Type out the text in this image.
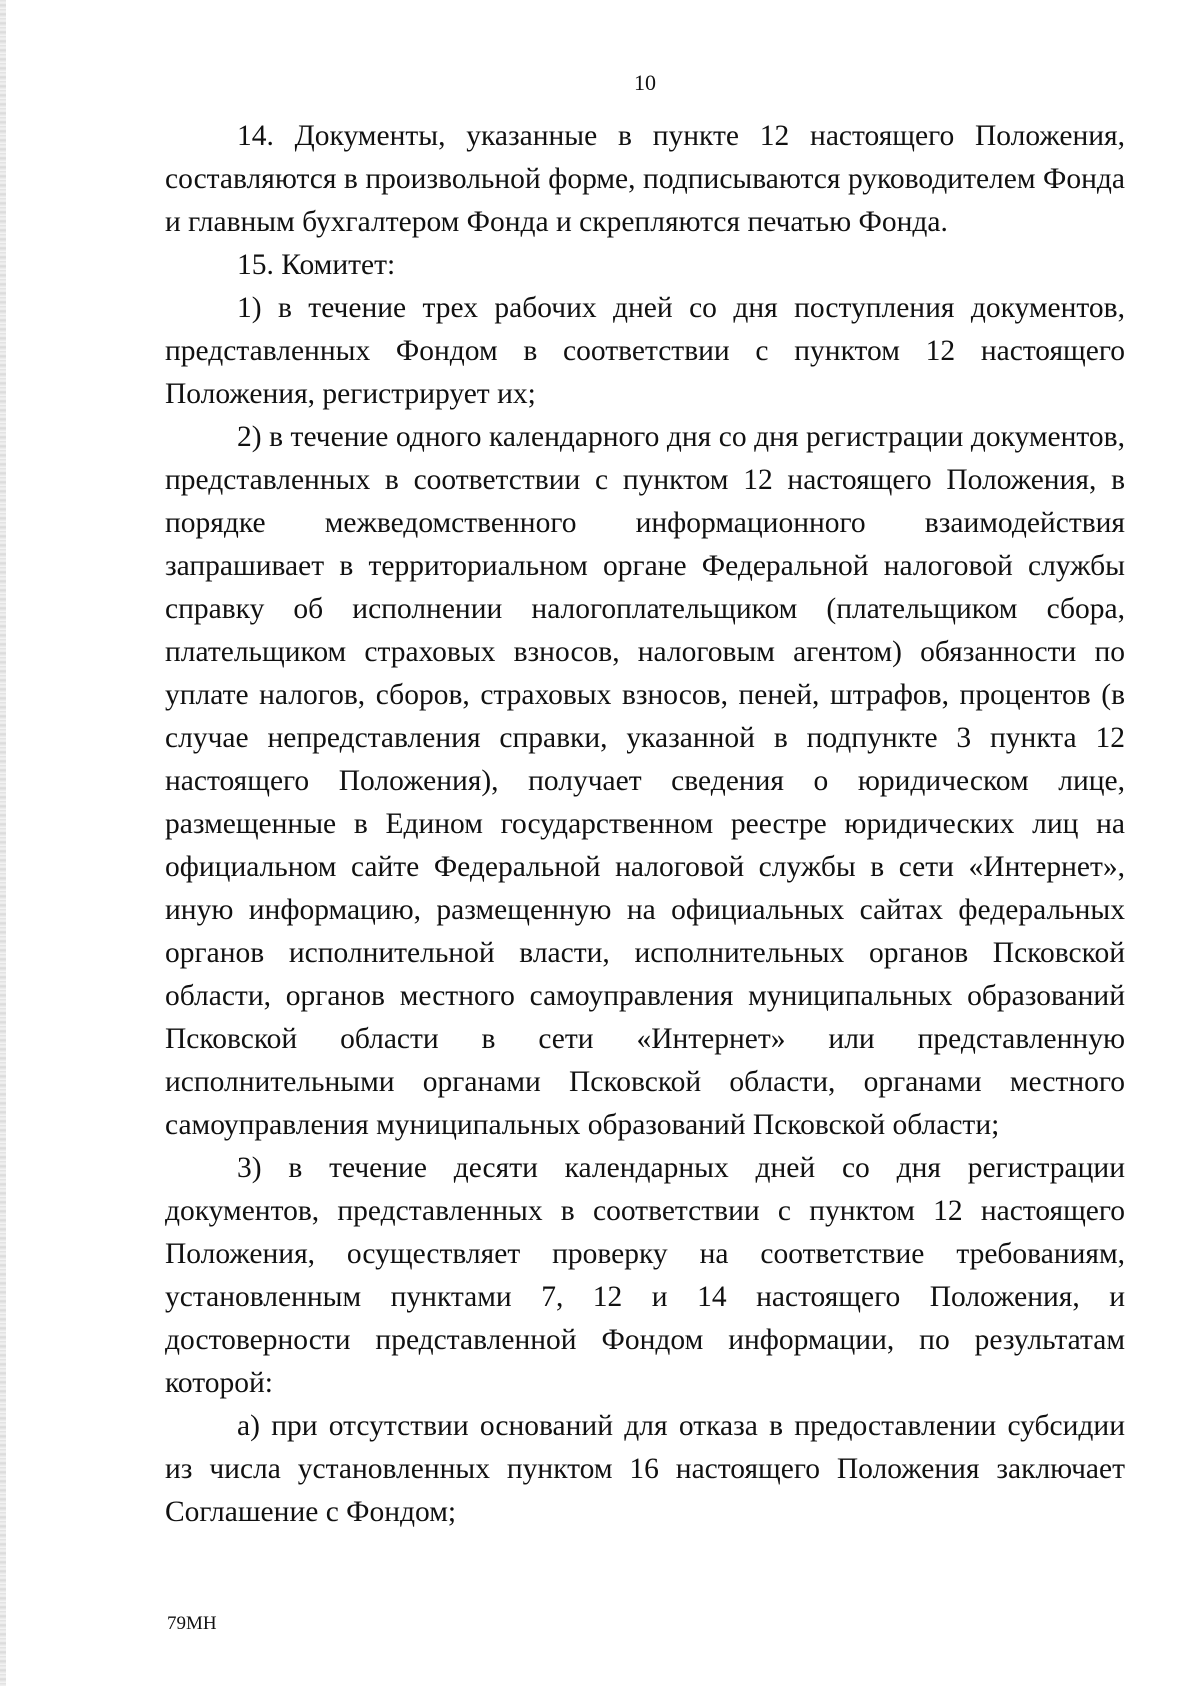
10

14. Документы, указанные в пункте 12 настоящего Положения, составляются в произвольной форме, подписываются руководителем Фонда и главным бухгалтером Фонда и скрепляются печатью Фонда.

15. Комитет:

1) в течение трех рабочих дней со дня поступления документов, представленных Фондом в соответствии с пунктом 12 настоящего Положения, регистрирует их;

2) в течение одного календарного дня со дня регистрации документов, представленных в соответствии с пунктом 12 настоящего Положения, в порядке межведомственного информационного взаимодействия запрашивает в территориальном органе Федеральной налоговой службы справку об исполнении налогоплательщиком (плательщиком сбора, плательщиком страховых взносов, налоговым агентом) обязанности по уплате налогов, сборов, страховых взносов, пеней, штрафов, процентов (в случае непредставления справки, указанной в подпункте 3 пункта 12 настоящего Положения), получает сведения о юридическом лице, размещенные в Едином государственном реестре юридических лиц на официальном сайте Федеральной налоговой службы в сети «Интернет», иную информацию, размещенную на официальных сайтах федеральных органов исполнительной власти, исполнительных органов Псковской области, органов местного самоуправления муниципальных образований Псковской области в сети «Интернет» или представленную исполнительными органами Псковской области, органами местного самоуправления муниципальных образований Псковской области;

3) в течение десяти календарных дней со дня регистрации документов, представленных в соответствии с пунктом 12 настоящего Положения, осуществляет проверку на соответствие требованиям, установленным пунктами 7, 12 и 14 настоящего Положения, и достоверности представленной Фондом информации, по результатам которой:

а) при отсутствии оснований для отказа в предоставлении субсидии из числа установленных пунктом 16 настоящего Положения заключает Соглашение с Фондом;

79МН
